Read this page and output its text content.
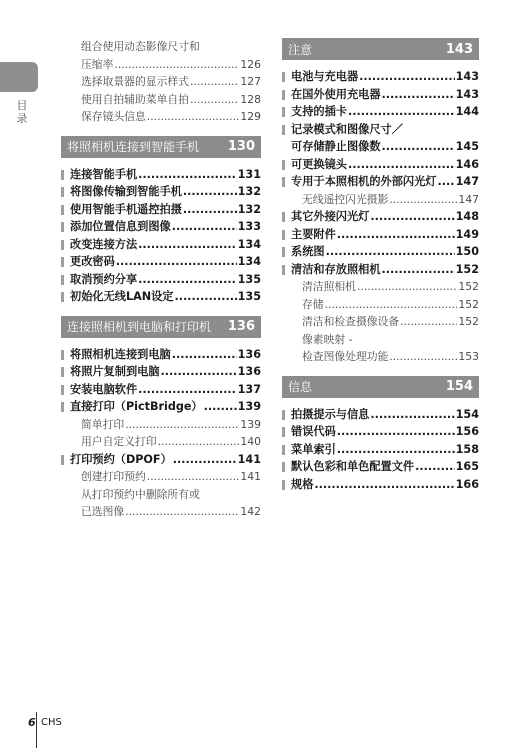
目录
组合使用动态影像尺寸和
压缩率 .....	126
选择取景器的显示样式 .....	127
使用自拍辅助菜单自拍 .....	128
保存镜头信息 .....	129
将照相机连接到智能手机 130
连接智能手机 .....	131
将图像传输到智能手机 .....	132
使用智能手机遥控拍摄 .....	132
添加位置信息到图像 .....	133
改变连接方法 .....	134
更改密码 .....	134
取消预约分享 .....	135
初始化无线LAN设定 .....	135
连接照相机到电脑和打印机 136
将照相机连接到电脑 .....	136
将照片复制到电脑 .....	136
安装电脑软件 .....	137
直接打印（PictBridge） .....	139
简单打印 .....	139
用户自定义打印 .....	140
打印预约（DPOF） .....	141
创建打印预约 .....	141
从打印预约中删除所有或
已选图像 .....	142
注意	143
电池与充电器 .....	143
在国外使用充电器 .....	143
支持的插卡 .....	144
记录模式和图像尺寸／
可存储静止图像数 .....	145
可更换镜头 .....	146
专用于本照相机的外部闪光灯 ..... 147
无线遥控闪光摄影 .....	147
其它外接闪光灯 .....	148
主要附件 .....	149
系统图 .....	150
清洁和存放照相机 .....	152
清洁照相机 .....	152
存储 .....	152
清洁和检查摄像设备 .....	152
像素映射 -
检查图像处理功能 .....	153
信息	154
拍摄提示与信息 .....	154
错误代码 .....	156
菜单索引 .....	158
默认色彩和单色配置文件 .....	165
规格 .....	166
6 CHS
